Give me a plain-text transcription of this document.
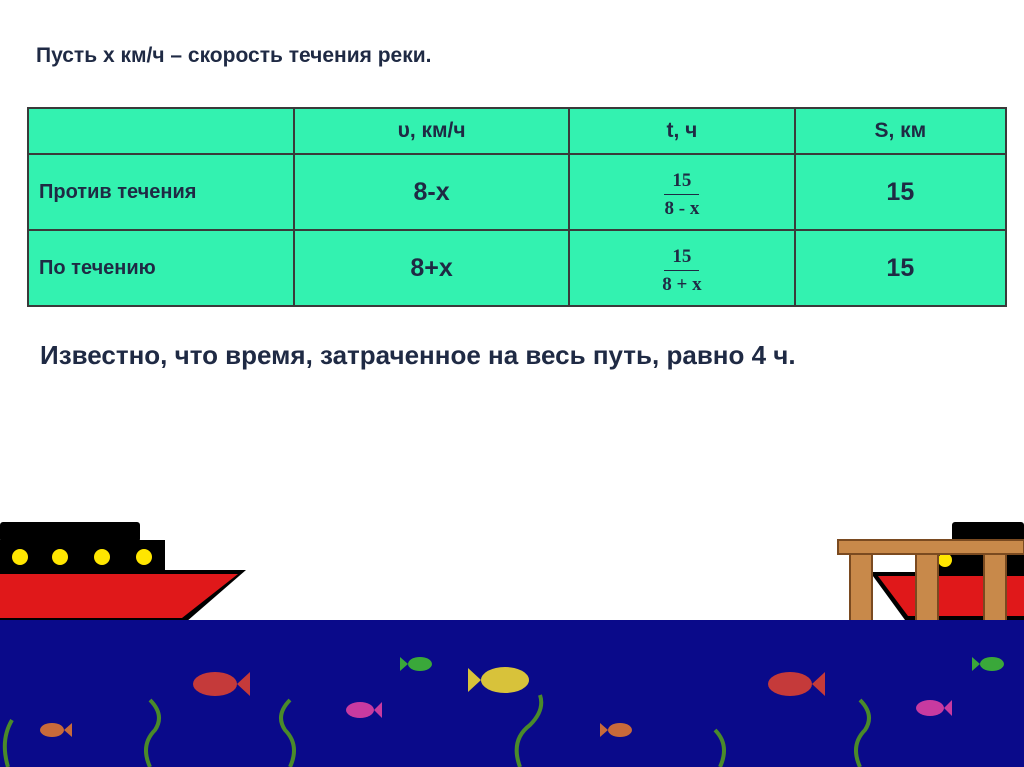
Пусть х км/ч – скорость течения реки.
	υ, км/ч	t, ч	S, км
Против течения	8-х	$\frac{15}{8 - x}$	15
По течению	8+х	$\frac{15}{8 + x}$	15
Известно, что время, затраченное на весь путь, равно 4 ч.
